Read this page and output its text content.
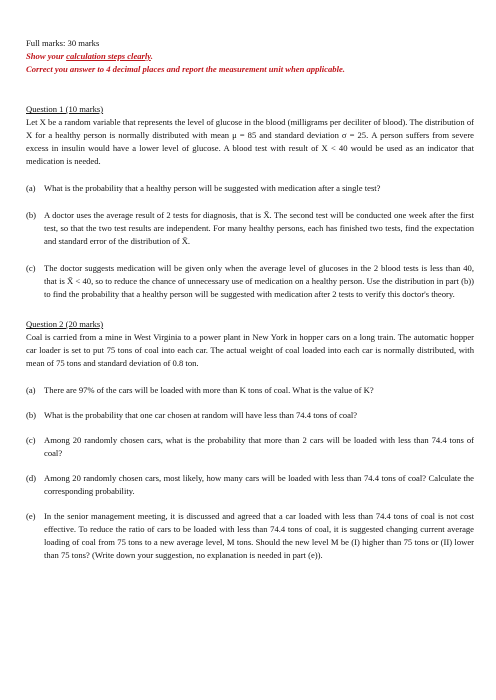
Full marks: 30 marks

Show your calculation steps clearly.

Correct you answer to 4 decimal places and report the measurement unit when applicable.

Question 1 (10 marks)

Let X be a random variable that represents the level of glucose in the blood (milligrams per deciliter of blood). The distribution of X for a healthy person is normally distributed with mean μ = 85 and standard deviation σ = 25. A person suffers from severe excess in insulin would have a lower level of glucose. A blood test with result of X < 40 would be used as an indicator that medication is needed.

(a) What is the probability that a healthy person will be suggested with medication after a single test?
(b) A doctor uses the average result of 2 tests for diagnosis, that is X̄. The second test will be conducted one week after the first test, so that the two test results are independent. For many healthy persons, each has finished two tests, find the expectation and standard error of the distribution of X̄.
(c) The doctor suggests medication will be given only when the average level of glucoses in the 2 blood tests is less than 40, that is X̄ < 40, so to reduce the chance of unnecessary use of medication on a healthy person. Use the distribution in part (b)) to find the probability that a healthy person will be suggested with medication after 2 tests to verify this doctor's theory.

Question 2 (20 marks)

Coal is carried from a mine in West Virginia to a power plant in New York in hopper cars on a long train. The automatic hopper car loader is set to put 75 tons of coal into each car. The actual weight of coal loaded into each car is normally distributed, with mean of 75 tons and standard deviation of 0.8 ton.

(a) There are 97% of the cars will be loaded with more than K tons of coal. What is the value of K?
(b) What is the probability that one car chosen at random will have less than 74.4 tons of coal?
(c) Among 20 randomly chosen cars, what is the probability that more than 2 cars will be loaded with less than 74.4 tons of coal?
(d) Among 20 randomly chosen cars, most likely, how many cars will be loaded with less than 74.4 tons of coal? Calculate the corresponding probability.
(e) In the senior management meeting, it is discussed and agreed that a car loaded with less than 74.4 tons of coal is not cost effective. To reduce the ratio of cars to be loaded with less than 74.4 tons of coal, it is suggested changing current average loading of coal from 75 tons to a new average level, M tons. Should the new level M be (I) higher than 75 tons or (II) lower than 75 tons? (Write down your suggestion, no explanation is needed in part (e)).
